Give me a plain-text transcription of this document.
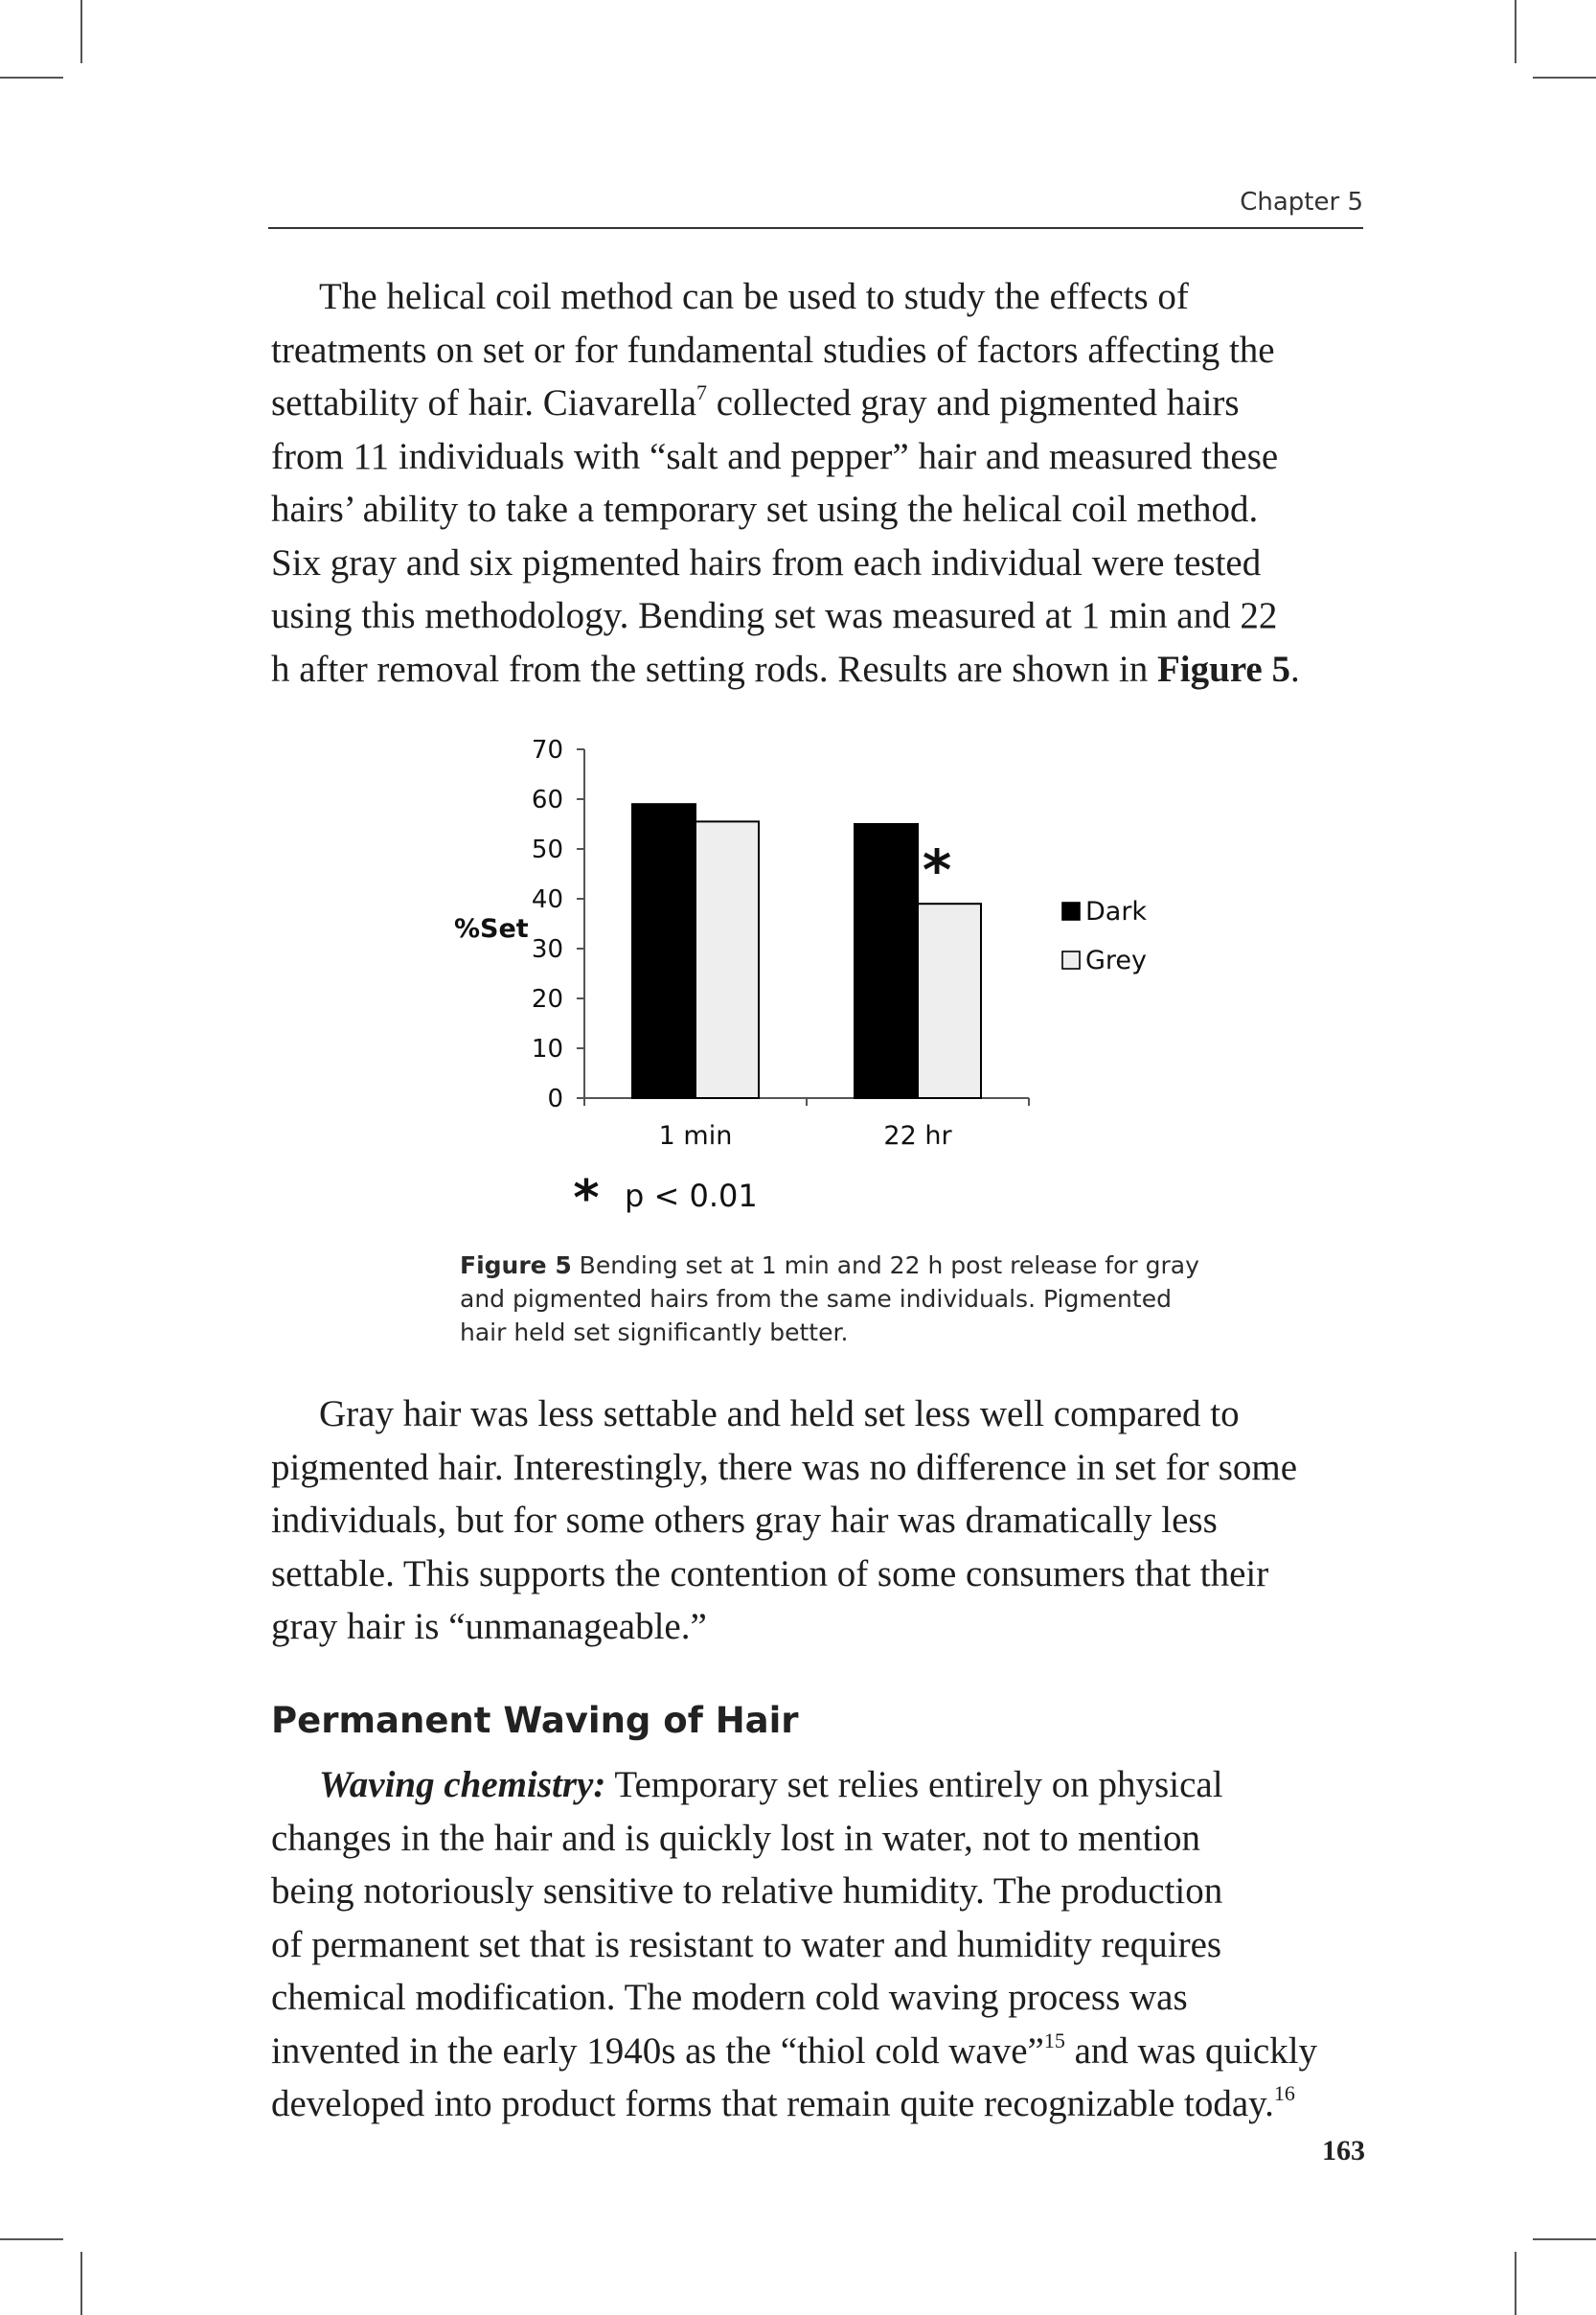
Chapter 5

The helical coil method can be used to study the effects of
treatments on set or for fundamental studies of factors affecting the
settability of hair. Ciavarella$^7$ collected gray and pigmented hairs
from 11 individuals with “salt and pepper” hair and measured these
hairs’ ability to take a temporary set using the helical coil method.
Six gray and six pigmented hairs from each individual were tested
using this methodology. Bending set was measured at 1 min and 22
h after removal from the setting rods. Results are shown in Figure 5.

%Set
0
10
20
30
40
50
60
70
1 min	22 hr
Dark
Grey
*
* p < 0.01

Figure 5 Bending set at 1 min and 22 h post release for gray
and pigmented hairs from the same individuals. Pigmented
hair held set significantly better.

Gray hair was less settable and held set less well compared to
pigmented hair. Interestingly, there was no difference in set for some
individuals, but for some others gray hair was dramatically less
settable. This supports the contention of some consumers that their
gray hair is “unmanageable.”

Permanent Waving of Hair

Waving chemistry: Temporary set relies entirely on physical
changes in the hair and is quickly lost in water, not to mention
being notoriously sensitive to relative humidity. The production
of permanent set that is resistant to water and humidity requires
chemical modification. The modern cold waving process was
invented in the early 1940s as the “thiol cold wave”$^{15}$ and was quickly
developed into product forms that remain quite recognizable today.$^{16}$

163
